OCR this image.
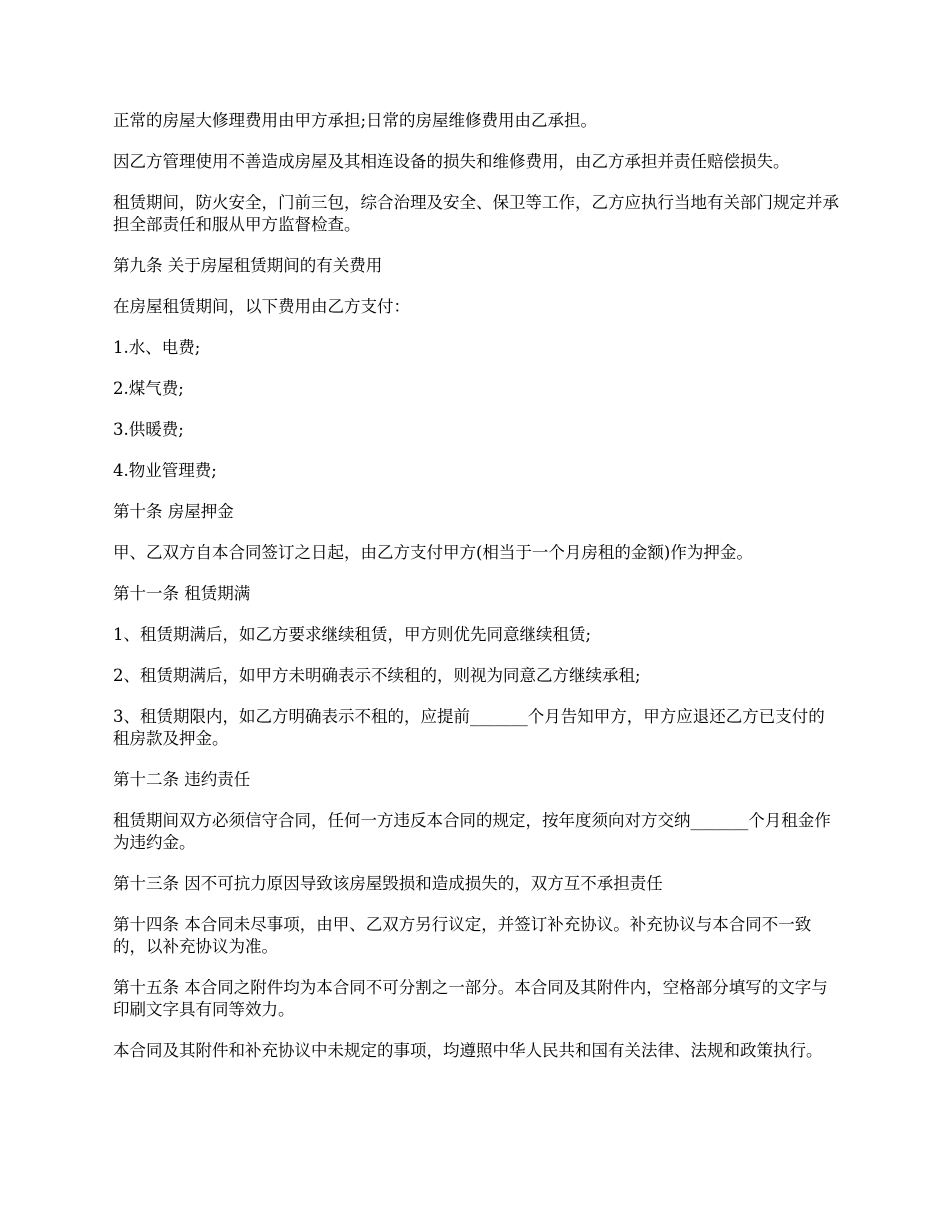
正常的房屋大修理费用由甲方承担;日常的房屋维修费用由乙承担。

因乙方管理使用不善造成房屋及其相连设备的损失和维修费用，由乙方承担并责任赔偿损失。

租赁期间，防火安全，门前三包，综合治理及安全、保卫等工作，乙方应执行当地有关部门规定并承担全部责任和服从甲方监督检查。

第九条 关于房屋租赁期间的有关费用

在房屋租赁期间，以下费用由乙方支付：

1.水、电费;

2.煤气费;

3.供暖费;

4.物业管理费;

第十条 房屋押金

甲、乙双方自本合同签订之日起，由乙方支付甲方(相当于一个月房租的金额)作为押金。

第十一条 租赁期满

1、租赁期满后，如乙方要求继续租赁，甲方则优先同意继续租赁;

2、租赁期满后，如甲方未明确表示不续租的，则视为同意乙方继续承租;

3、租赁期限内，如乙方明确表示不租的，应提前_______个月告知甲方，甲方应退还乙方已支付的租房款及押金。

第十二条 违约责任

租赁期间双方必须信守合同，任何一方违反本合同的规定，按年度须向对方交纳_______个月租金作为违约金。

第十三条 因不可抗力原因导致该房屋毁损和造成损失的，双方互不承担责任

第十四条 本合同未尽事项，由甲、乙双方另行议定，并签订补充协议。补充协议与本合同不一致的，以补充协议为准。

第十五条 本合同之附件均为本合同不可分割之一部分。本合同及其附件内，空格部分填写的文字与印刷文字具有同等效力。

本合同及其附件和补充协议中未规定的事项，均遵照中华人民共和国有关法律、法规和政策执行。
